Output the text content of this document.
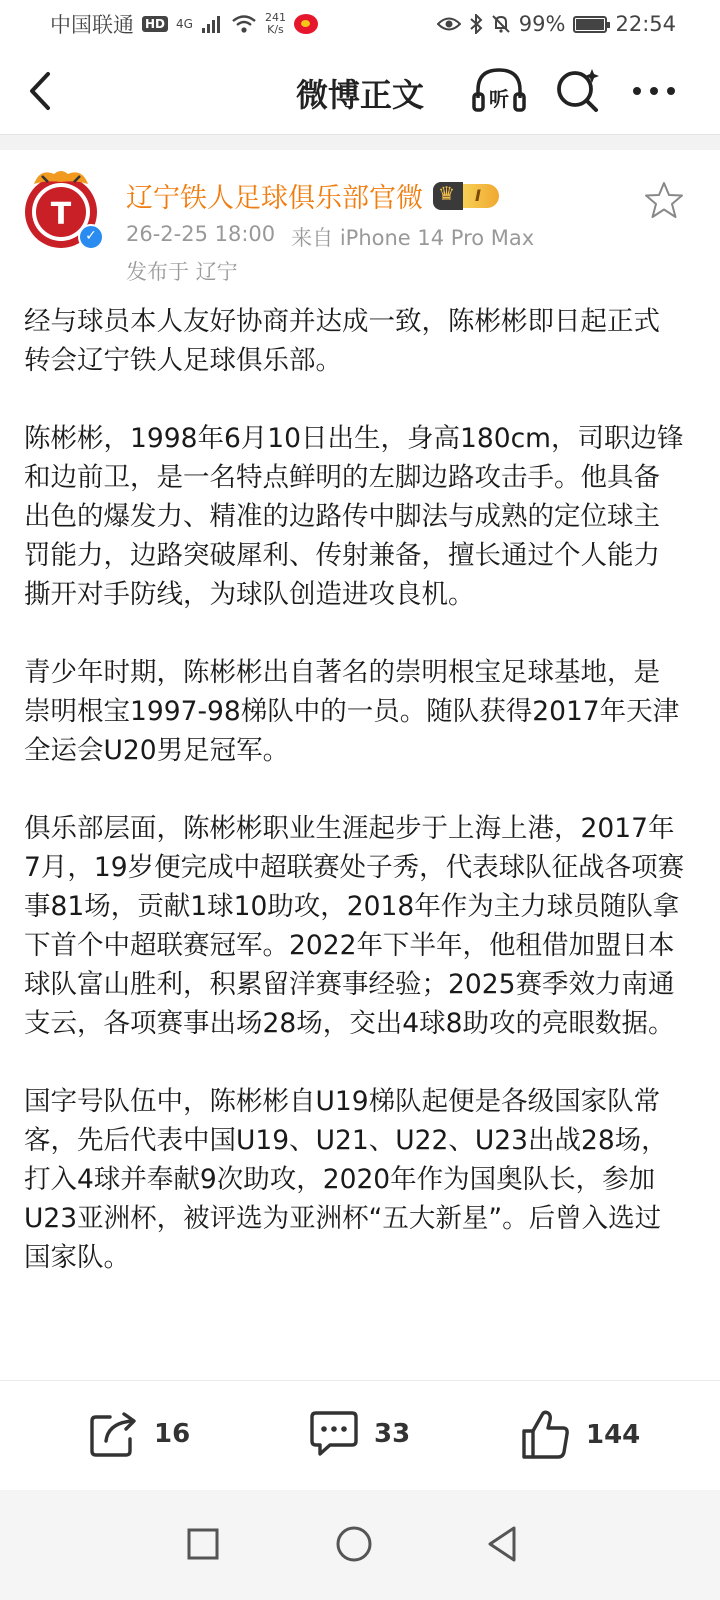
中国联通 HD 4G	241
K/s	99% 22:54
微博正文	听
T
✓
辽宁铁人足球俱乐部官微
♛	I
26-2-25 18:00 来自 iPhone 14 Pro Max
发布于 辽宁

经与球员本人友好协商并达成一致，陈彬彬即日起正式转会辽宁铁人足球俱乐部。

陈彬彬，1998年6月10日出生，身高180cm，司职边锋和边前卫，是一名特点鲜明的左脚边路攻击手。他具备出色的爆发力、精准的边路传中脚法与成熟的定位球主罚能力，边路突破犀利、传射兼备，擅长通过个人能力撕开对手防线，为球队创造进攻良机。

青少年时期，陈彬彬出自著名的崇明根宝足球基地，是崇明根宝1997-98梯队中的一员。随队获得2017年天津全运会U20男足冠军。

俱乐部层面，陈彬彬职业生涯起步于上海上港，2017年7月，19岁便完成中超联赛处子秀，代表球队征战各项赛事81场，贡献1球10助攻，2018年作为主力球员随队拿下首个中超联赛冠军。2022年下半年，他租借加盟日本球队富山胜利，积累留洋赛事经验；2025赛季效力南通支云，各项赛事出场28场，交出4球8助攻的亮眼数据。

国字号队伍中，陈彬彬自U19梯队起便是各级国家队常客，先后代表中国U19、U21、U22、U23出战28场，打入4球并奉献9次助攻，2020年作为国奥队长，参加U23亚洲杯，被评选为亚洲杯“五大新星”。后曾入选过国家队。

16	33	144
